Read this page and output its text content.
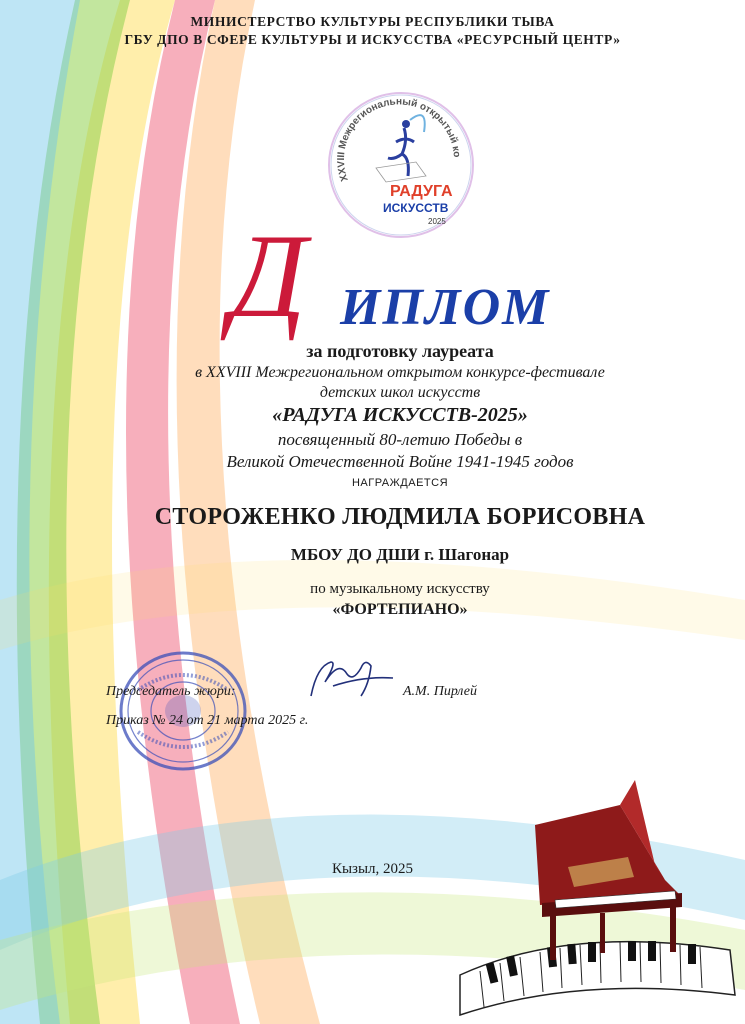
МИНИСТЕРСТВО КУЛЬТУРЫ РЕСПУБЛИКИ ТЫВА
ГБУ ДПО В СФЕРЕ КУЛЬТУРЫ И ИСКУССТВА «РЕСУРСНЫЙ ЦЕНТР»
XXVIII Межрегиональный открытый ко
РАДУГА
ИСКУССТВ
2025
Д ИПЛОМ
за подготовку лауреата
в XXVIII Межрегиональном открытом конкурсе-фестивале
детских школ искусств
«РАДУГА ИСКУССТВ-2025»
посвященный 80-летию Победы в
Великой Отечественной Войне 1941-1945 годов
НАГРАЖДАЕТСЯ
СТОРОЖЕНКО ЛЮДМИЛА БОРИСОВНА
МБОУ ДО ДШИ г. Шагонар
по музыкальному искусству
«ФОРТЕПИАНО»
Председатель жюри:	А.М. Пирлей
Приказ № 24 от 21 марта 2025 г.
Кызыл, 2025
